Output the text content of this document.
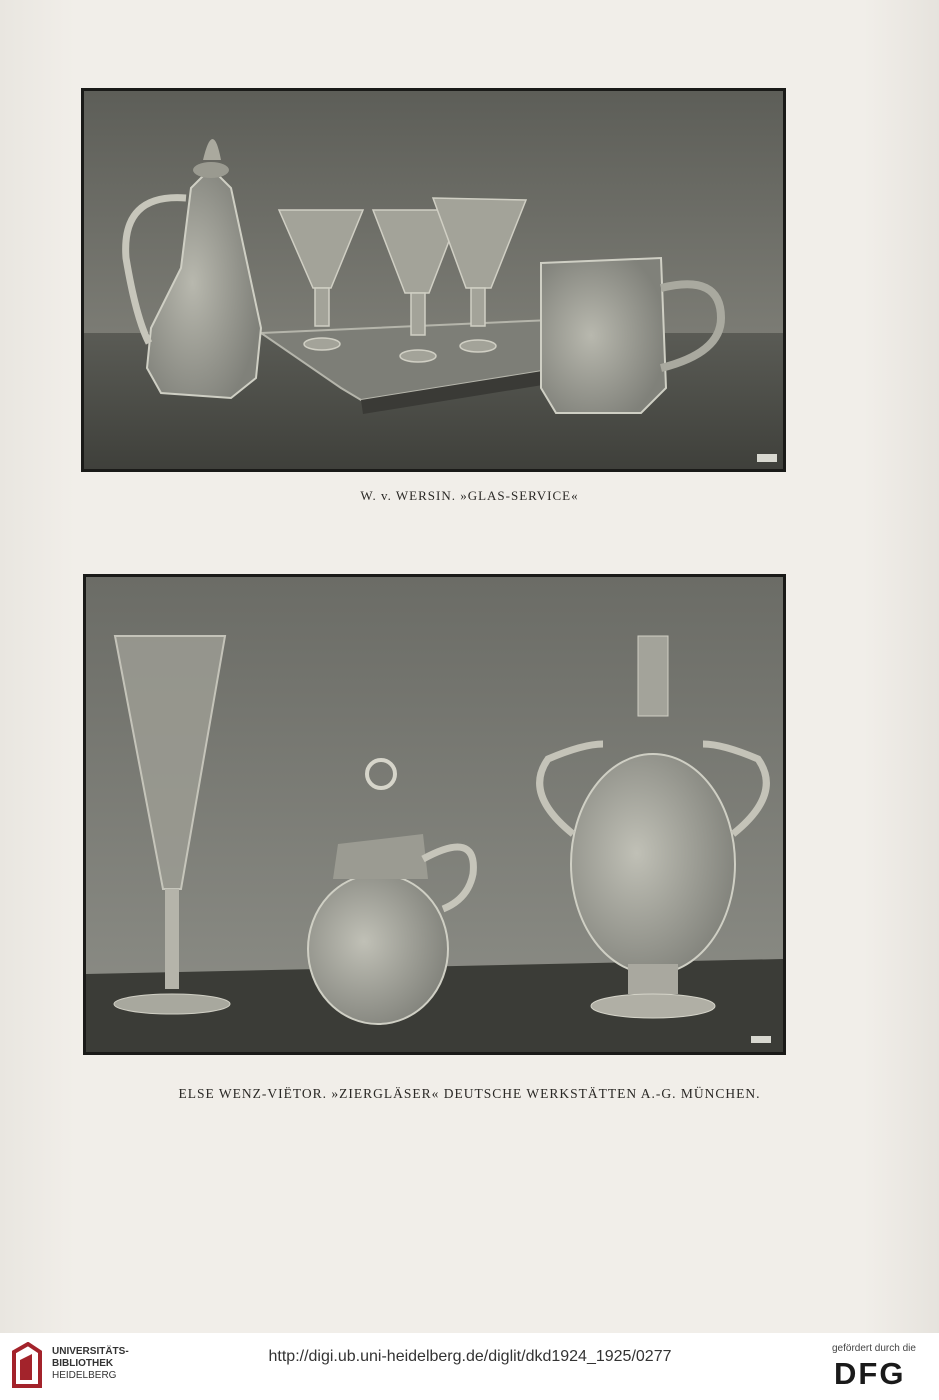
W. v. WERSIN. »GLAS-SERVICE«
ELSE WENZ-VIËTOR. »ZIERGLÄSER« DEUTSCHE WERKSTÄTTEN A.-G. MÜNCHEN.
UNIVERSITÄTS-
BIBLIOTHEK
HEIDELBERG
http://digi.ub.uni-heidelberg.de/diglit/dkd1924_1925/0277	gefördert durch die
DFG
